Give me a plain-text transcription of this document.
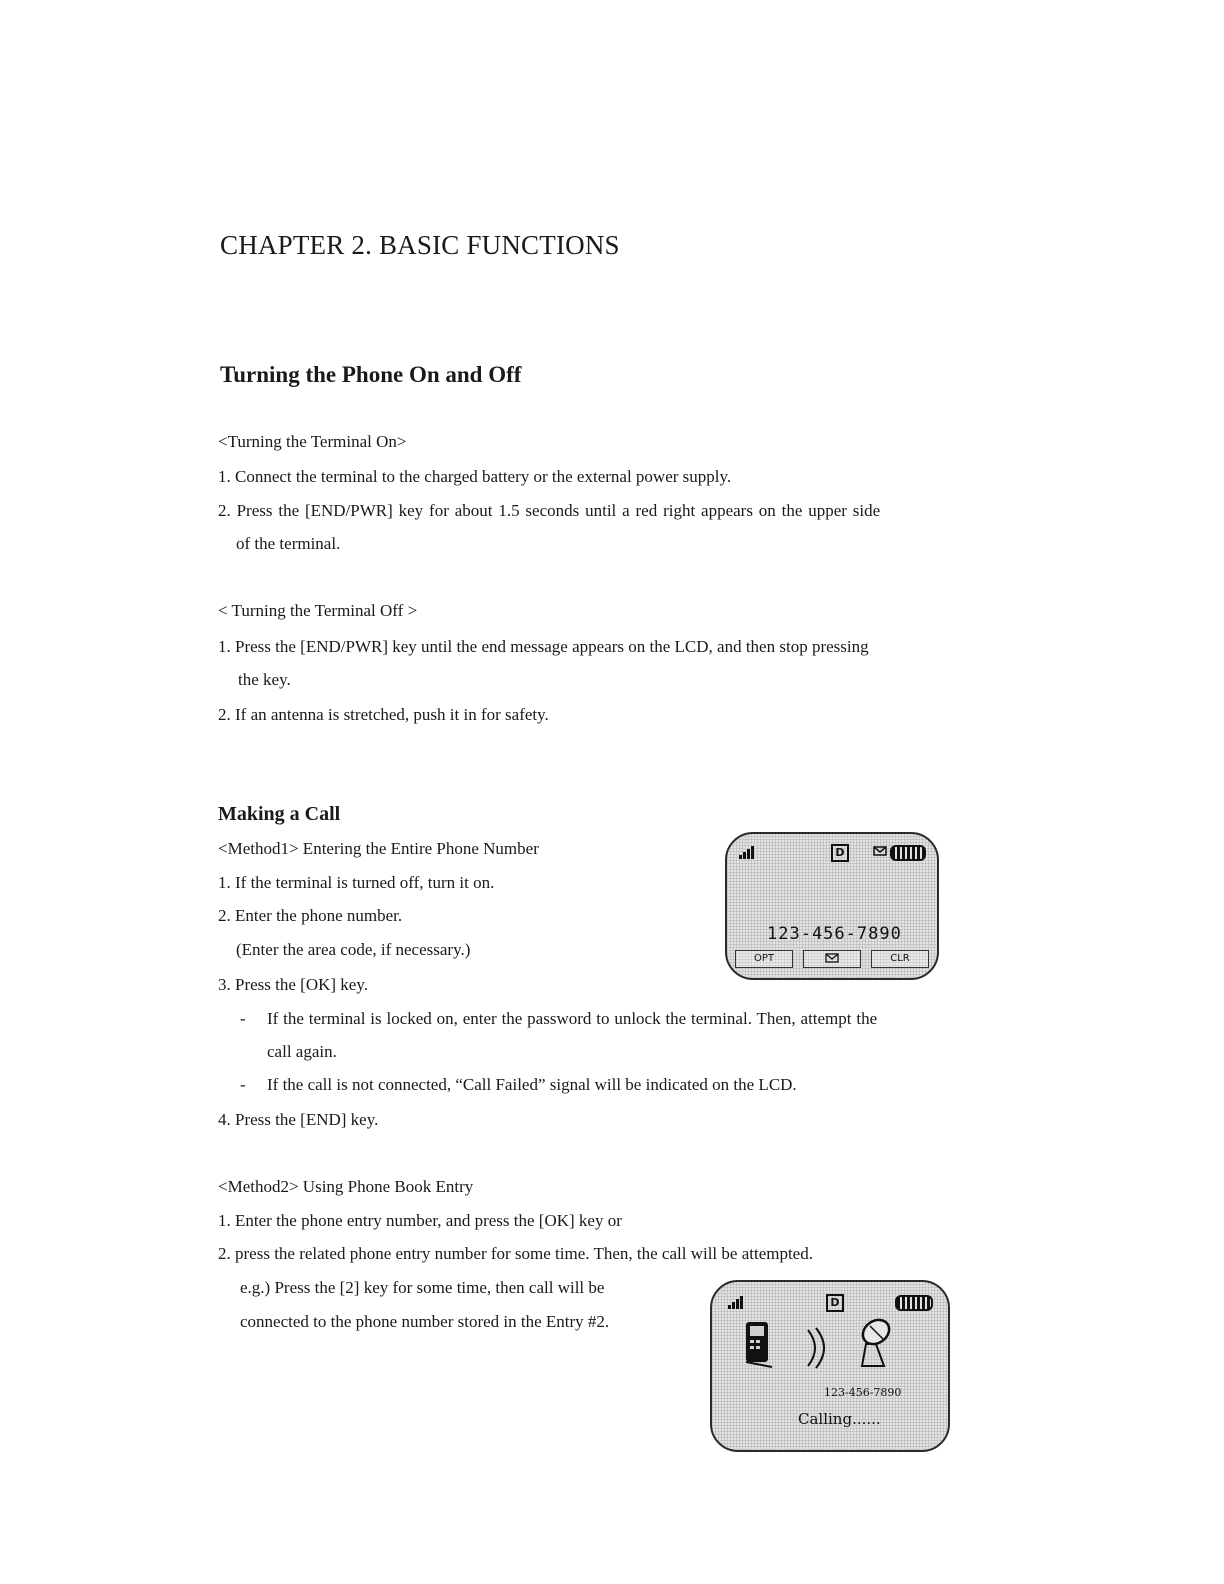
CHAPTER 2. BASIC FUNCTIONS
Turning the Phone On and Off
<Turning the Terminal On>
1. Connect the terminal to the charged battery or the external power supply.
2. Press the [END/PWR] key for about 1.5 seconds until a red right appears on the upper side
of the terminal.
< Turning the Terminal Off >
1. Press the [END/PWR] key until the end message appears on the LCD, and then stop pressing
the key.
2. If an antenna is stretched, push it in for safety.
Making a Call
<Method1> Entering the Entire Phone Number
1. If the terminal is turned off, turn it on.
2. Enter the phone number.
(Enter the area code, if necessary.)
3. Press the [OK] key.
- If the terminal is locked on, enter the password to unlock the terminal. Then, attempt the
call again.
- If the call is not connected, “Call Failed” signal will be indicated on the LCD.
4. Press the [END] key.
<Method2> Using Phone Book Entry
1. Enter the phone entry number, and press the [OK] key or
2. press the related phone entry number for some time. Then, the call will be attempted.
e.g.) Press the [2] key for some time, then call will be
connected to the phone number stored in the Entry #2.
D
123-456-7890
OPT	CLR
D
123-456-7890
Calling......
